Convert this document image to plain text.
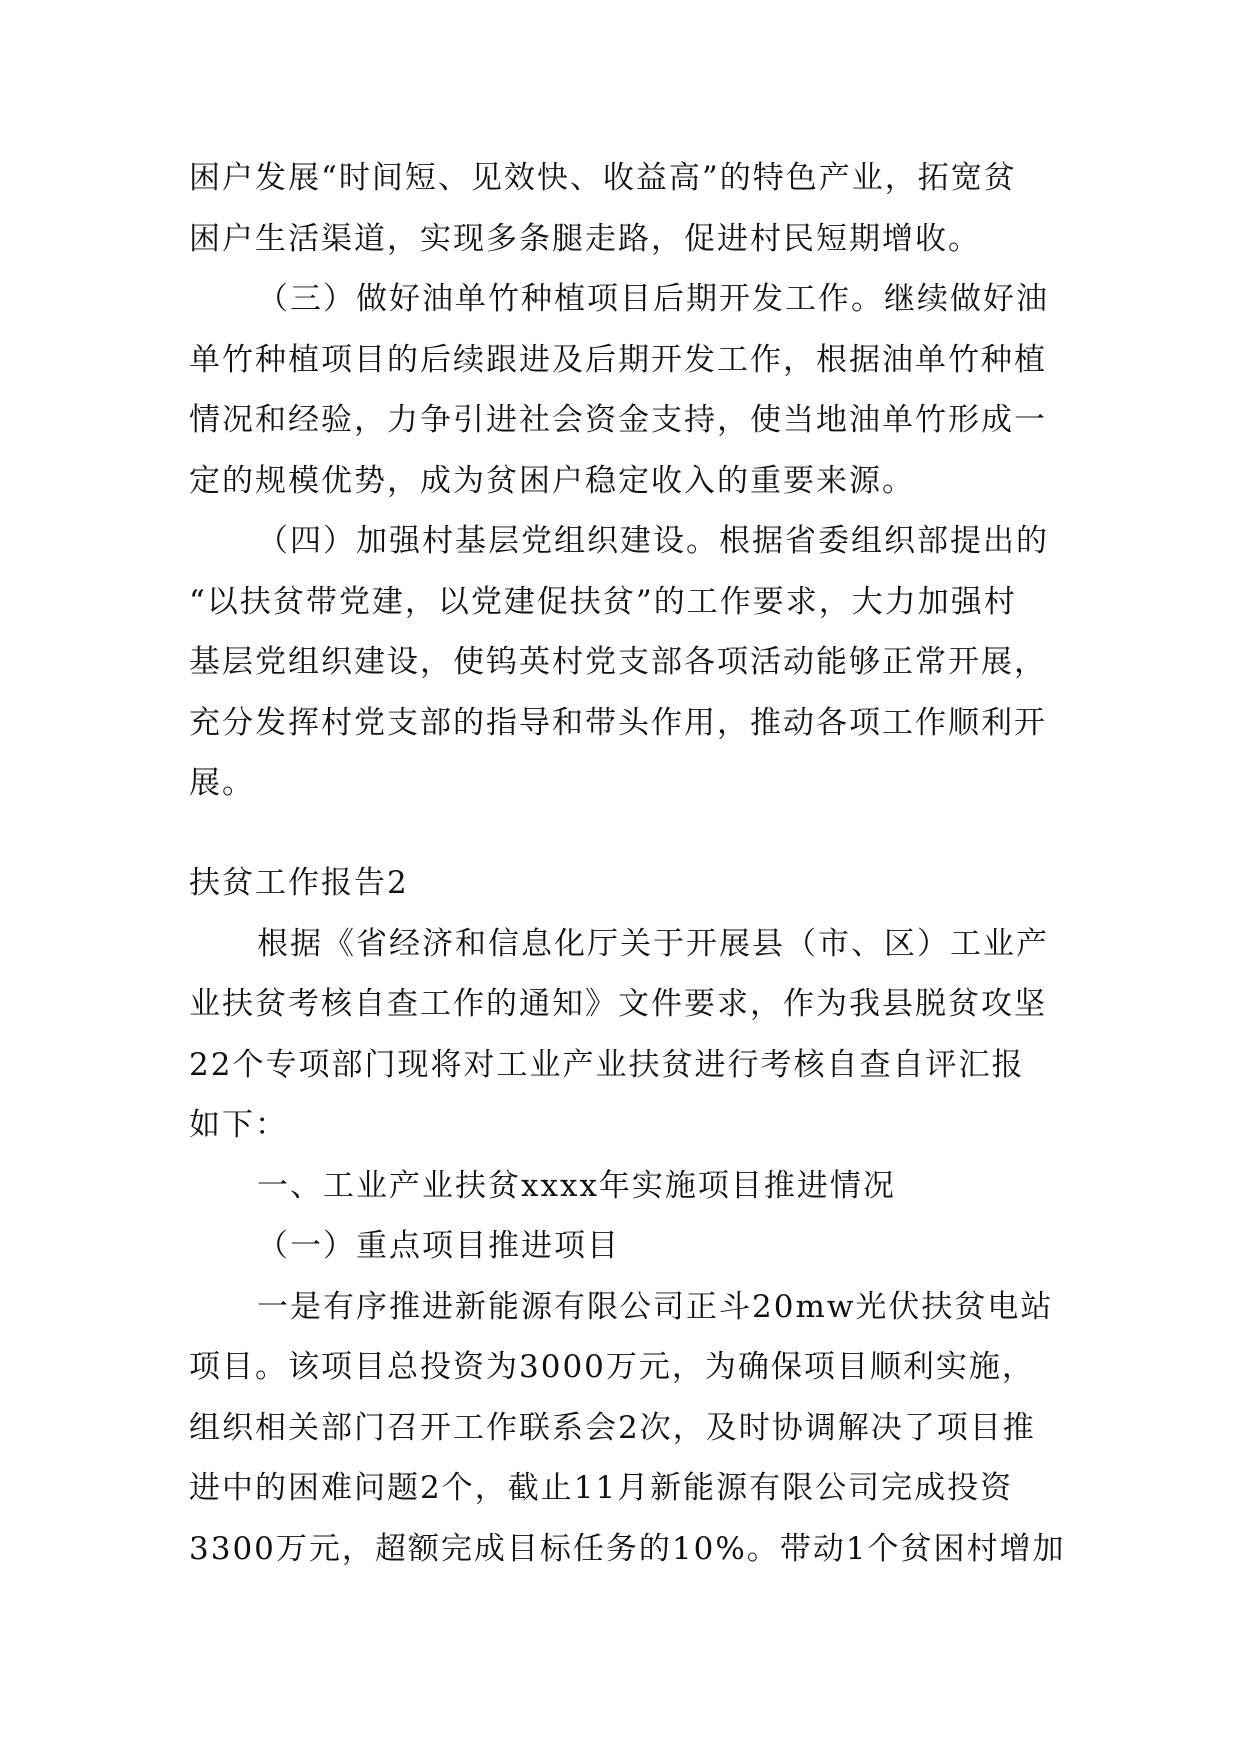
困户发展“时间短、见效快、收益高”的特色产业，拓宽贫
困户生活渠道，实现多条腿走路，促进村民短期增收。
（三）做好油单竹种植项目后期开发工作。继续做好油
单竹种植项目的后续跟进及后期开发工作，根据油单竹种植
情况和经验，力争引进社会资金支持，使当地油单竹形成一
定的规模优势，成为贫困户稳定收入的重要来源。
（四）加强村基层党组织建设。根据省委组织部提出的
“以扶贫带党建，以党建促扶贫”的工作要求，大力加强村
基层党组织建设，使钨英村党支部各项活动能够正常开展，
充分发挥村党支部的指导和带头作用，推动各项工作顺利开
展。
扶贫工作报告2
根据《省经济和信息化厅关于开展县（市、区）工业产
业扶贫考核自查工作的通知》文件要求，作为我县脱贫攻坚
22个专项部门现将对工业产业扶贫进行考核自查自评汇报
如下：
一、工业产业扶贫xxxx年实施项目推进情况
（一）重点项目推进项目
一是有序推进新能源有限公司正斗20mw光伏扶贫电站
项目。该项目总投资为3000万元，为确保项目顺利实施，
组织相关部门召开工作联系会2次，及时协调解决了项目推
进中的困难问题2个，截止11月新能源有限公司完成投资
3300万元，超额完成目标任务的10%。带动1个贫困村增加
